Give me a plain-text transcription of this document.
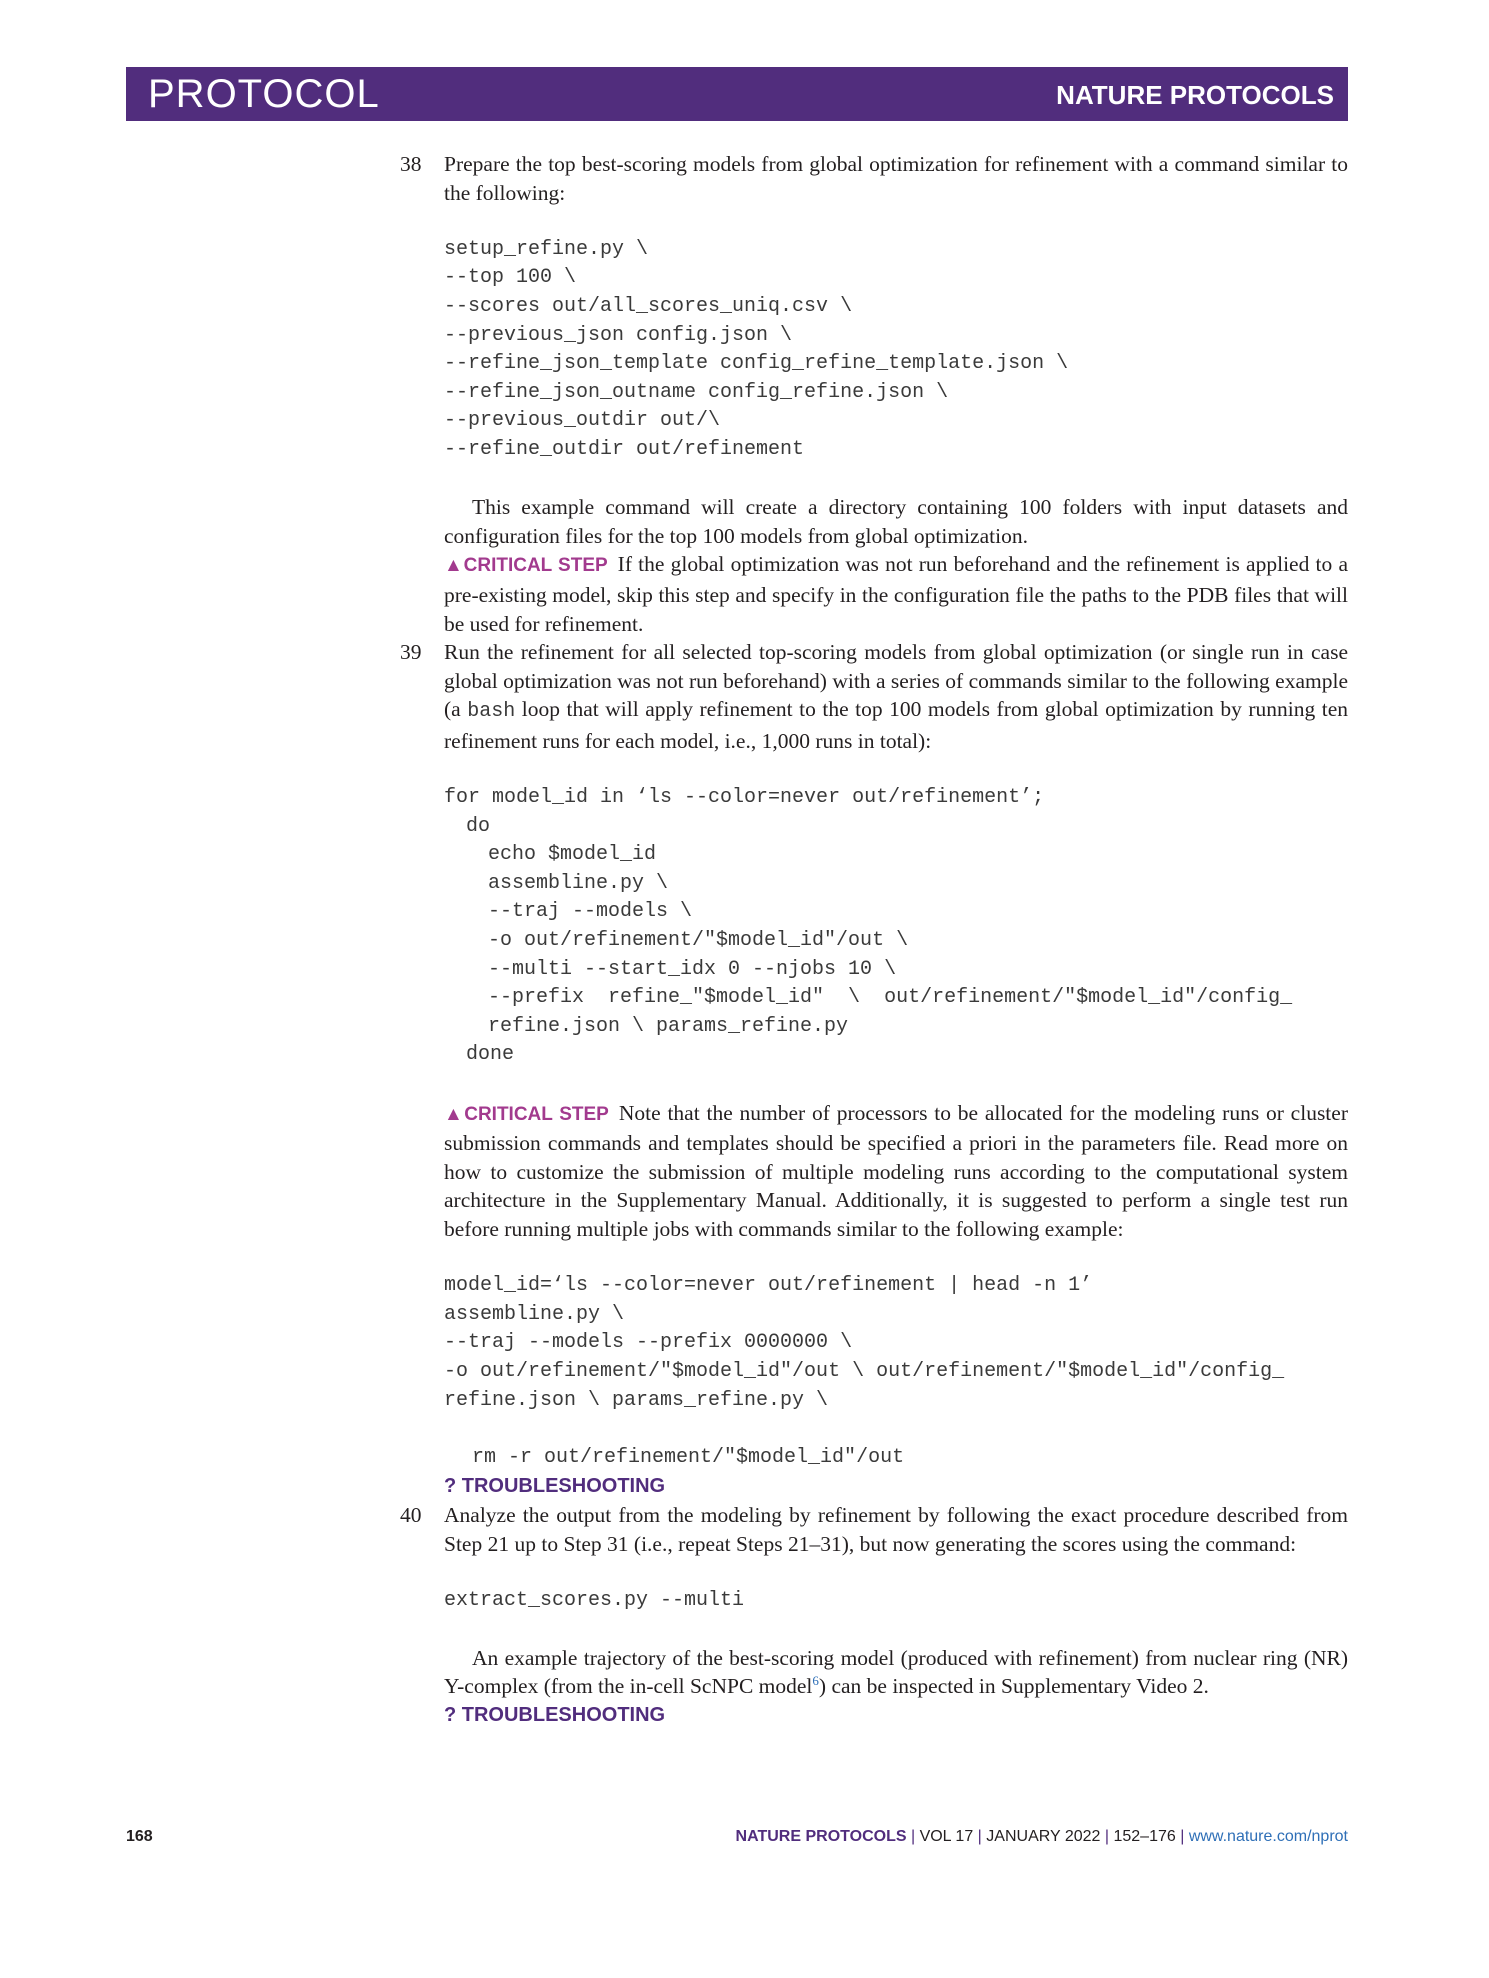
PROTOCOL	NATURE PROTOCOLS
38 Prepare the top best-scoring models from global optimization for refinement with a command similar to the following:

setup_refine.py \
--top 100 \
--scores out/all_scores_uniq.csv \
--previous_json config.json \
--refine_json_template config_refine_template.json \
--refine_json_outname config_refine.json \
--previous_outdir out/\
--refine_outdir out/refinement

This example command will create a directory containing 100 folders with input datasets and configuration files for the top 100 models from global optimization.

▲CRITICAL STEP If the global optimization was not run beforehand and the refinement is applied to a pre-existing model, skip this step and specify in the configuration file the paths to the PDB files that will be used for refinement.

39 Run the refinement for all selected top-scoring models from global optimization (or single run in case global optimization was not run beforehand) with a series of commands similar to the following example (a bash loop that will apply refinement to the top 100 models from global optimization by running ten refinement runs for each model, i.e., 1,000 runs in total):

for model_id in ‘ls --color=never out/refinement’;
do
echo $model_id
assembline.py \
--traj --models \
-o out/refinement/"$model_id"/out \
--multi --start_idx 0 --njobs 10 \
--prefix  refine_"$model_id"  \  out/refinement/"$model_id"/config_
refine.json \ params_refine.py
done

▲CRITICAL STEP Note that the number of processors to be allocated for the modeling runs or cluster submission commands and templates should be specified a priori in the parameters file. Read more on how to customize the submission of multiple modeling runs according to the computational system architecture in the Supplementary Manual. Additionally, it is suggested to perform a single test run before running multiple jobs with commands similar to the following example:

model_id=‘ls --color=never out/refinement | head -n 1’
assembline.py \
--traj --models --prefix 0000000 \
-o out/refinement/"$model_id"/out \ out/refinement/"$model_id"/config_
refine.json \ params_refine.py \
rm -r out/refinement/"$model_id"/out

? TROUBLESHOOTING

40 Analyze the output from the modeling by refinement by following the exact procedure described from Step 21 up to Step 31 (i.e., repeat Steps 21–31), but now generating the scores using the command:

extract_scores.py --multi

An example trajectory of the best-scoring model (produced with refinement) from nuclear ring (NR) Y-complex (from the in-cell ScNPC model$^6$) can be inspected in Supplementary Video 2.

? TROUBLESHOOTING

168	NATURE PROTOCOLS | VOL 17 | JANUARY 2022 | 152–176 | www.nature.com/nprot
